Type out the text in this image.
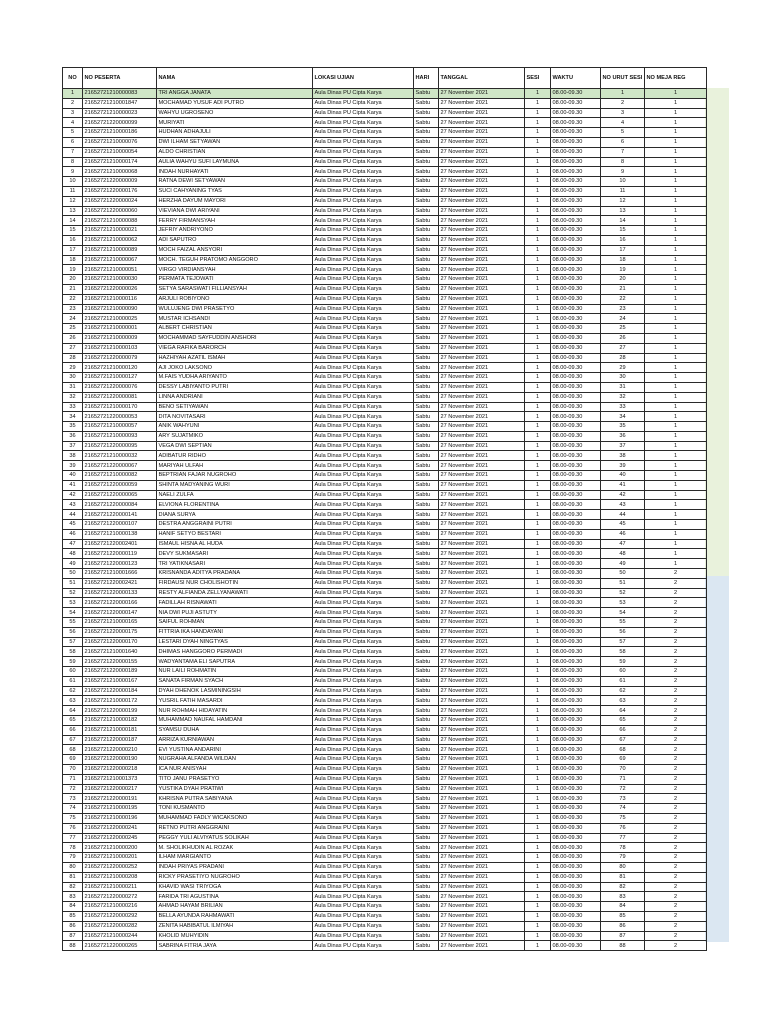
NO	NO PESERTA	NAMA	LOKASI UJIAN	HARI	TANGGAL	SESI	WAKTU	NO URUT SESI	NO MEJA REG
1	21652721210000083	TRI ANGGA JANATA	Aula Dinas PU Cipta Karya	Sabtu	27 November 2021	1	08.00-09.30	1	1
2	21652721210001847	MOCHAMAD YUSUF ADI PUTRO	Aula Dinas PU Cipta Karya	Sabtu	27 November 2021	1	08.00-09.30	2	1
3	21652721210000023	WAHYU UGROSENO	Aula Dinas PU Cipta Karya	Sabtu	27 November 2021	1	08.00-09.30	3	1
4	21652721220000099	MURIYATI	Aula Dinas PU Cipta Karya	Sabtu	27 November 2021	1	08.00-09.30	4	1
5	21652721210000186	HUDHAN ADHAJULI	Aula Dinas PU Cipta Karya	Sabtu	27 November 2021	1	08.00-09.30	5	1
6	21652721210000076	DWI ILHAM SETYAWAN	Aula Dinas PU Cipta Karya	Sabtu	27 November 2021	1	08.00-09.30	6	1
7	21652721210000054	ALDO CHRISTIAN	Aula Dinas PU Cipta Karya	Sabtu	27 November 2021	1	08.00-09.30	7	1
8	21652721210000174	AULIA WAHYU SUFI LAYMUNA	Aula Dinas PU Cipta Karya	Sabtu	27 November 2021	1	08.00-09.30	8	1
9	21652721210000068	INDAH NURHAYATI	Aula Dinas PU Cipta Karya	Sabtu	27 November 2021	1	08.00-09.30	9	1
10	21652721220000009	RATNA DEWI SETYAWAN	Aula Dinas PU Cipta Karya	Sabtu	27 November 2021	1	08.00-09.30	10	1
11	21652721220000176	SUCI CAHYANING TYAS	Aula Dinas PU Cipta Karya	Sabtu	27 November 2021	1	08.00-09.30	11	1
12	21652721220000024	HERZHA DAYUM MAYORI	Aula Dinas PU Cipta Karya	Sabtu	27 November 2021	1	08.00-09.30	12	1
13	21652721220000060	VIEVIANA DWI ARIYANI	Aula Dinas PU Cipta Karya	Sabtu	27 November 2021	1	08.00-09.30	13	1
14	21652721210000088	FERRY FIRMANSYAH	Aula Dinas PU Cipta Karya	Sabtu	27 November 2021	1	08.00-09.30	14	1
15	21652721210000021	JEFRIY ANDRIYONO	Aula Dinas PU Cipta Karya	Sabtu	27 November 2021	1	08.00-09.30	15	1
16	21652721210000062	ADI SAPUTRO	Aula Dinas PU Cipta Karya	Sabtu	27 November 2021	1	08.00-09.30	16	1
17	21652721210000089	MOCH FAIZAL ANSYORI	Aula Dinas PU Cipta Karya	Sabtu	27 November 2021	1	08.00-09.30	17	1
18	21652721210000067	MOCH. TEGUH PRATOMO ANGGORO	Aula Dinas PU Cipta Karya	Sabtu	27 November 2021	1	08.00-09.30	18	1
19	21652721210000051	VIRGO VIRDIANSYAH	Aula Dinas PU Cipta Karya	Sabtu	27 November 2021	1	08.00-09.30	19	1
20	21652721210000030	PERMATA TEJOWATI	Aula Dinas PU Cipta Karya	Sabtu	27 November 2021	1	08.00-09.30	20	1
21	21652721220000026	SETYA SARASWATI FILLIANSYAH	Aula Dinas PU Cipta Karya	Sabtu	27 November 2021	1	08.00-09.30	21	1
22	21652721210000116	ARJULI ROBIYONO	Aula Dinas PU Cipta Karya	Sabtu	27 November 2021	1	08.00-09.30	22	1
23	21652721210000090	WULUJENG DWI PRASETYO	Aula Dinas PU Cipta Karya	Sabtu	27 November 2021	1	08.00-09.30	23	1
24	21652721210000025	MUSTAR ICHSANDI	Aula Dinas PU Cipta Karya	Sabtu	27 November 2021	1	08.00-09.30	24	1
25	21652721210000001	ALBERT CHRISTIAN	Aula Dinas PU Cipta Karya	Sabtu	27 November 2021	1	08.00-09.30	25	1
26	21652721210000009	MOCHAMMAD SAYFUDDIN ANSHORI	Aula Dinas PU Cipta Karya	Sabtu	27 November 2021	1	08.00-09.30	26	1
27	21652721210000103	VIEGA RAFIKA BARORCH	Aula Dinas PU Cipta Karya	Sabtu	27 November 2021	1	08.00-09.30	27	1
28	21652721220000079	HAZHIYAH AZATIL ISMAH	Aula Dinas PU Cipta Karya	Sabtu	27 November 2021	1	08.00-09.30	28	1
29	21652721210000120	AJI JOKO LAKSONO	Aula Dinas PU Cipta Karya	Sabtu	27 November 2021	1	08.00-09.30	29	1
30	21652721210000127	M.FAIS YUDHA ARIYANTO	Aula Dinas PU Cipta Karya	Sabtu	27 November 2021	1	08.00-09.30	30	1
31	21652721220000076	DESSY LABIYANTO PUTRI	Aula Dinas PU Cipta Karya	Sabtu	27 November 2021	1	08.00-09.30	31	1
32	21652721220000081	LINNA ANDRIANI	Aula Dinas PU Cipta Karya	Sabtu	27 November 2021	1	08.00-09.30	32	1
33	21652721210000170	BENO SETIYAWAN	Aula Dinas PU Cipta Karya	Sabtu	27 November 2021	1	08.00-09.30	33	1
34	21652721220000053	DITA NOVITASARI	Aula Dinas PU Cipta Karya	Sabtu	27 November 2021	1	08.00-09.30	34	1
35	21652721210000057	ANIK WAHYUNI	Aula Dinas PU Cipta Karya	Sabtu	27 November 2021	1	08.00-09.30	35	1
36	21652721210000093	ARY SUJATMIKO	Aula Dinas PU Cipta Karya	Sabtu	27 November 2021	1	08.00-09.30	36	1
37	21652721220000095	VEGA DWI SEPTIAN	Aula Dinas PU Cipta Karya	Sabtu	27 November 2021	1	08.00-09.30	37	1
38	21652721210000032	ADIBATUR RIDHO	Aula Dinas PU Cipta Karya	Sabtu	27 November 2021	1	08.00-09.30	38	1
39	21652721220000067	MARIYAH ULFAH	Aula Dinas PU Cipta Karya	Sabtu	27 November 2021	1	08.00-09.30	39	1
40	21652721210000082	BEPTRIAN FAJAR NUGROHO	Aula Dinas PU Cipta Karya	Sabtu	27 November 2021	1	08.00-09.30	40	1
41	21652721220000059	SHINTA MADYANING WURI	Aula Dinas PU Cipta Karya	Sabtu	27 November 2021	1	08.00-09.30	41	1
42	21652721220000065	NAELI ZULFA	Aula Dinas PU Cipta Karya	Sabtu	27 November 2021	1	08.00-09.30	42	1
43	21652721220000084	ELVIONA FLORENTINA	Aula Dinas PU Cipta Karya	Sabtu	27 November 2021	1	08.00-09.30	43	1
44	21652721220000141	DIANA SURYA	Aula Dinas PU Cipta Karya	Sabtu	27 November 2021	1	08.00-09.30	44	1
45	21652721220000107	DESTRA ANGGRAINI PUTRI	Aula Dinas PU Cipta Karya	Sabtu	27 November 2021	1	08.00-09.30	45	1
46	21652721210000138	HANIF SETYO BESTARI	Aula Dinas PU Cipta Karya	Sabtu	27 November 2021	1	08.00-09.30	46	1
47	21652721220002401	ISMAUL HISNA AL HUDA	Aula Dinas PU Cipta Karya	Sabtu	27 November 2021	1	08.00-09.30	47	1
48	21652721220000119	DEVY SUKMASARI	Aula Dinas PU Cipta Karya	Sabtu	27 November 2021	1	08.00-09.30	48	1
49	21652721220000123	TRI YATIKNASARI	Aula Dinas PU Cipta Karya	Sabtu	27 November 2021	1	08.00-09.30	49	1
50	21652721210001666	KRISNANDA ADITYA PRADANA	Aula Dinas PU Cipta Karya	Sabtu	27 November 2021	1	08.00-09.30	50	2
51	21652721220002421	FIRDAUSI NUR CHOLISHOTIN	Aula Dinas PU Cipta Karya	Sabtu	27 November 2021	1	08.00-09.30	51	2
52	21652721220000133	RESTY ALFIANDA ZELLYANAWATI	Aula Dinas PU Cipta Karya	Sabtu	27 November 2021	1	08.00-09.30	52	2
53	21652721220000166	FADILLAH RISNAWATI	Aula Dinas PU Cipta Karya	Sabtu	27 November 2021	1	08.00-09.30	53	2
54	21652721220000147	NIA DWI PUJI ASTUTY	Aula Dinas PU Cipta Karya	Sabtu	27 November 2021	1	08.00-09.30	54	2
55	21652721210000165	SAIFUL ROHMAN	Aula Dinas PU Cipta Karya	Sabtu	27 November 2021	1	08.00-09.30	55	2
56	21652721220000175	FITTRIA IKA HANDAYANI	Aula Dinas PU Cipta Karya	Sabtu	27 November 2021	1	08.00-09.30	56	2
57	21652721220000170	LESTARI DYAH NINGTYAS	Aula Dinas PU Cipta Karya	Sabtu	27 November 2021	1	08.00-09.30	57	2
58	21652721210001640	DHIMAS HANGGORO PERMADI	Aula Dinas PU Cipta Karya	Sabtu	27 November 2021	1	08.00-09.30	58	2
59	21652721220000155	WADYANTAMA ELI SAPUTRA	Aula Dinas PU Cipta Karya	Sabtu	27 November 2021	1	08.00-09.30	59	2
60	21652721220000189	NUR LAILI ROHMATIN	Aula Dinas PU Cipta Karya	Sabtu	27 November 2021	1	08.00-09.30	60	2
61	21652721210000167	SANATA FIRMAN SYACH	Aula Dinas PU Cipta Karya	Sabtu	27 November 2021	1	08.00-09.30	61	2
62	21652721220000184	DYAH DHENOK LASMININGSIH	Aula Dinas PU Cipta Karya	Sabtu	27 November 2021	1	08.00-09.30	62	2
63	21652721210000172	YUSRIL FATIH MASARDI	Aula Dinas PU Cipta Karya	Sabtu	27 November 2021	1	08.00-09.30	63	2
64	21652721220000199	NUR ROHMAH HIDAYATIN	Aula Dinas PU Cipta Karya	Sabtu	27 November 2021	1	08.00-09.30	64	2
65	21652721210000182	MUHAMMAD NAUFAL HAMDANI	Aula Dinas PU Cipta Karya	Sabtu	27 November 2021	1	08.00-09.30	65	2
66	21652721210000181	SYAMSU DUHA	Aula Dinas PU Cipta Karya	Sabtu	27 November 2021	1	08.00-09.30	66	2
67	21652721220000187	ARRIZA KURNIAWAN	Aula Dinas PU Cipta Karya	Sabtu	27 November 2021	1	08.00-09.30	67	2
68	21652721220000210	EVI YUSTINA ANDARINI	Aula Dinas PU Cipta Karya	Sabtu	27 November 2021	1	08.00-09.30	68	2
69	21652721220000190	NUGRAHA ALFANDA WILDAN	Aula Dinas PU Cipta Karya	Sabtu	27 November 2021	1	08.00-09.30	69	2
70	21652721220000218	ICA NUR ANISYAH	Aula Dinas PU Cipta Karya	Sabtu	27 November 2021	1	08.00-09.30	70	2
71	21652721210001373	TITO JANU PRASETYO	Aula Dinas PU Cipta Karya	Sabtu	27 November 2021	1	08.00-09.30	71	2
72	21652721220000217	YUSTIKA DYAH PRATIWI	Aula Dinas PU Cipta Karya	Sabtu	27 November 2021	1	08.00-09.30	72	2
73	21652721220000191	KHRISNA PUTRA SABIYANA	Aula Dinas PU Cipta Karya	Sabtu	27 November 2021	1	08.00-09.30	73	2
74	21652721210000195	TONI KUSMANTO	Aula Dinas PU Cipta Karya	Sabtu	27 November 2021	1	08.00-09.30	74	2
75	21652721210000196	MUHAMMAD FADLY WICAKSONO	Aula Dinas PU Cipta Karya	Sabtu	27 November 2021	1	08.00-09.30	75	2
76	21652721220000241	RETNO PUTRI ANGGRAINI	Aula Dinas PU Cipta Karya	Sabtu	27 November 2021	1	08.00-09.30	76	2
77	21652721220000245	PEGGY YULI ALVIYATUS SOLIKAH	Aula Dinas PU Cipta Karya	Sabtu	27 November 2021	1	08.00-09.30	77	2
78	21652721210000200	M. SHOLIKHUDIN AL ROZAK	Aula Dinas PU Cipta Karya	Sabtu	27 November 2021	1	08.00-09.30	78	2
79	21652721210000201	ILHAM MARGIANTO	Aula Dinas PU Cipta Karya	Sabtu	27 November 2021	1	08.00-09.30	79	2
80	21652721220000252	INDAH PRIYAS PRADANI	Aula Dinas PU Cipta Karya	Sabtu	27 November 2021	1	08.00-09.30	80	2
81	21652721210000208	RICKY PRASETIYO NUGROHO	Aula Dinas PU Cipta Karya	Sabtu	27 November 2021	1	08.00-09.30	81	2
82	21652721210000211	KHAVID WASI TRIYOGA	Aula Dinas PU Cipta Karya	Sabtu	27 November 2021	1	08.00-09.30	82	2
83	21652721220000272	FARIDA TRI AGUSTINA	Aula Dinas PU Cipta Karya	Sabtu	27 November 2021	1	08.00-09.30	83	2
84	21652721210000216	AHMAD HAYAM BRILIAN	Aula Dinas PU Cipta Karya	Sabtu	27 November 2021	1	08.00-09.30	84	2
85	21652721220000292	BELLA AYUNDA RAHMAWATI	Aula Dinas PU Cipta Karya	Sabtu	27 November 2021	1	08.00-09.30	85	2
86	21652721220000282	ZENITA HABIBATUL ILMIYAH	Aula Dinas PU Cipta Karya	Sabtu	27 November 2021	1	08.00-09.30	86	2
87	21652721210000244	KHOLID MUHYIDIN	Aula Dinas PU Cipta Karya	Sabtu	27 November 2021	1	08.00-09.30	87	2
88	21652721220000265	SABRINA FITRIA JAYA	Aula Dinas PU Cipta Karya	Sabtu	27 November 2021	1	08.00-09.30	88	2
